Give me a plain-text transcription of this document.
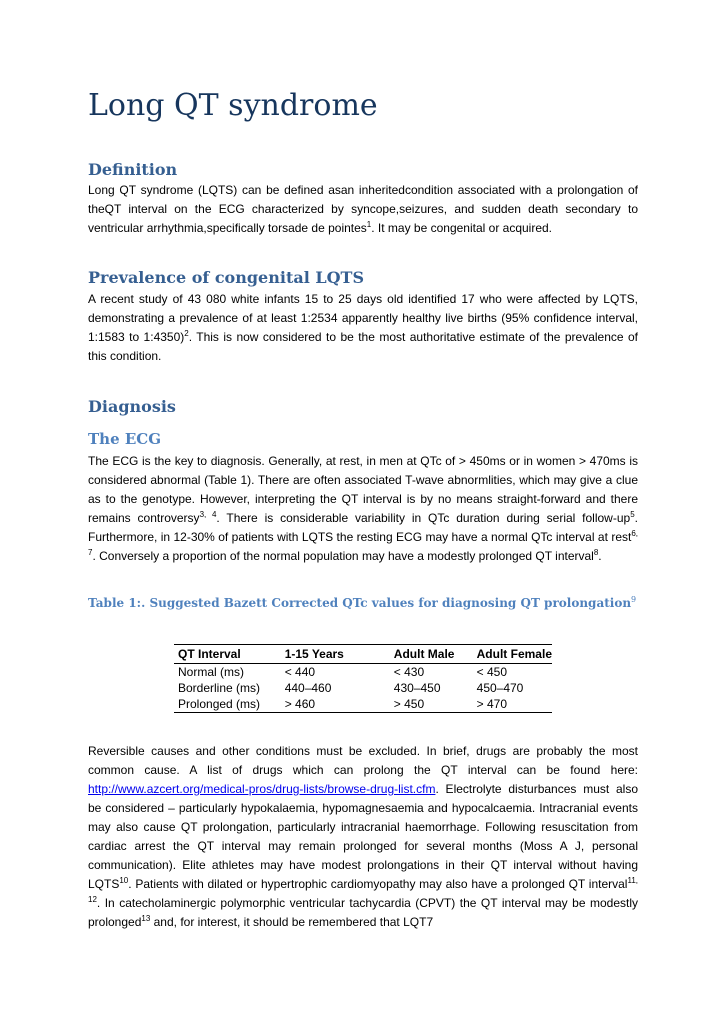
Long QT syndrome
Definition

Long QT syndrome (LQTS) can be defined asan inheritedcondition associated with a prolongation of theQT interval on the ECG characterized by syncope,seizures, and sudden death secondary to ventricular arrhythmia,specifically torsade de pointes$^1$. It may be congenital or acquired.

Prevalence of congenital LQTS

A recent study of 43 080 white infants 15 to 25 days old identified 17 who were affected by LQTS, demonstrating a prevalence of at least 1:2534 apparently healthy live births (95% confidence interval, 1:1583 to 1:4350)$^2$. This is now considered to be the most authoritative estimate of the prevalence of this condition.

Diagnosis
The ECG

The ECG is the key to diagnosis. Generally, at rest, in men at QTc of > 450ms or in women > 470ms is considered abnormal (Table 1). There are often associated T-wave abnormlities, which may give a clue as to the genotype. However, interpreting the QT interval is by no means straight-forward and there remains controversy$^{3, 4}$. There is considerable variability in QTc duration during serial follow-$up^5$. Furthermore, in 12-30% of patients with LQTS the resting ECG may have a normal QTc interval at rest$^{6, 7}$. Conversely a proportion of the normal population may have a modestly prolonged QT interval$^8$.

Table 1:. Suggested Bazett Corrected QTc values for diagnosing QT prolongation$^9$
QT Interval	1-15 Years	Adult Male	Adult Female
Normal (ms)	< 440	< 430	< 450
Borderline (ms)	440–460	430–450	450–470
Prolonged (ms)	> 460	> 450	> 470

Reversible causes and other conditions must be excluded. In brief, drugs are probably the most common cause. A list of drugs which can prolong the QT interval can be found here: http://www.azcert.org/medical-pros/drug-lists/browse-drug-list.cfm. Electrolyte disturbances must also be considered – particularly hypokalaemia, hypomagnesaemia and hypocalcaemia. Intracranial events may also cause QT prolongation, particularly intracranial haemorrhage. Following resuscitation from cardiac arrest the QT interval may remain prolonged for several months (Moss A J, personal communication). Elite athletes may have modest prolongations in their QT interval without having LQTS$^{10}$. Patients with dilated or hypertrophic cardiomyopathy may also have a prolonged QT interval$^{11, 12}$. In catecholaminergic polymorphic ventricular tachycardia (CPVT) the QT interval may be modestly prolonged$^{13}$ and, for interest, it should be remembered that LQT7
